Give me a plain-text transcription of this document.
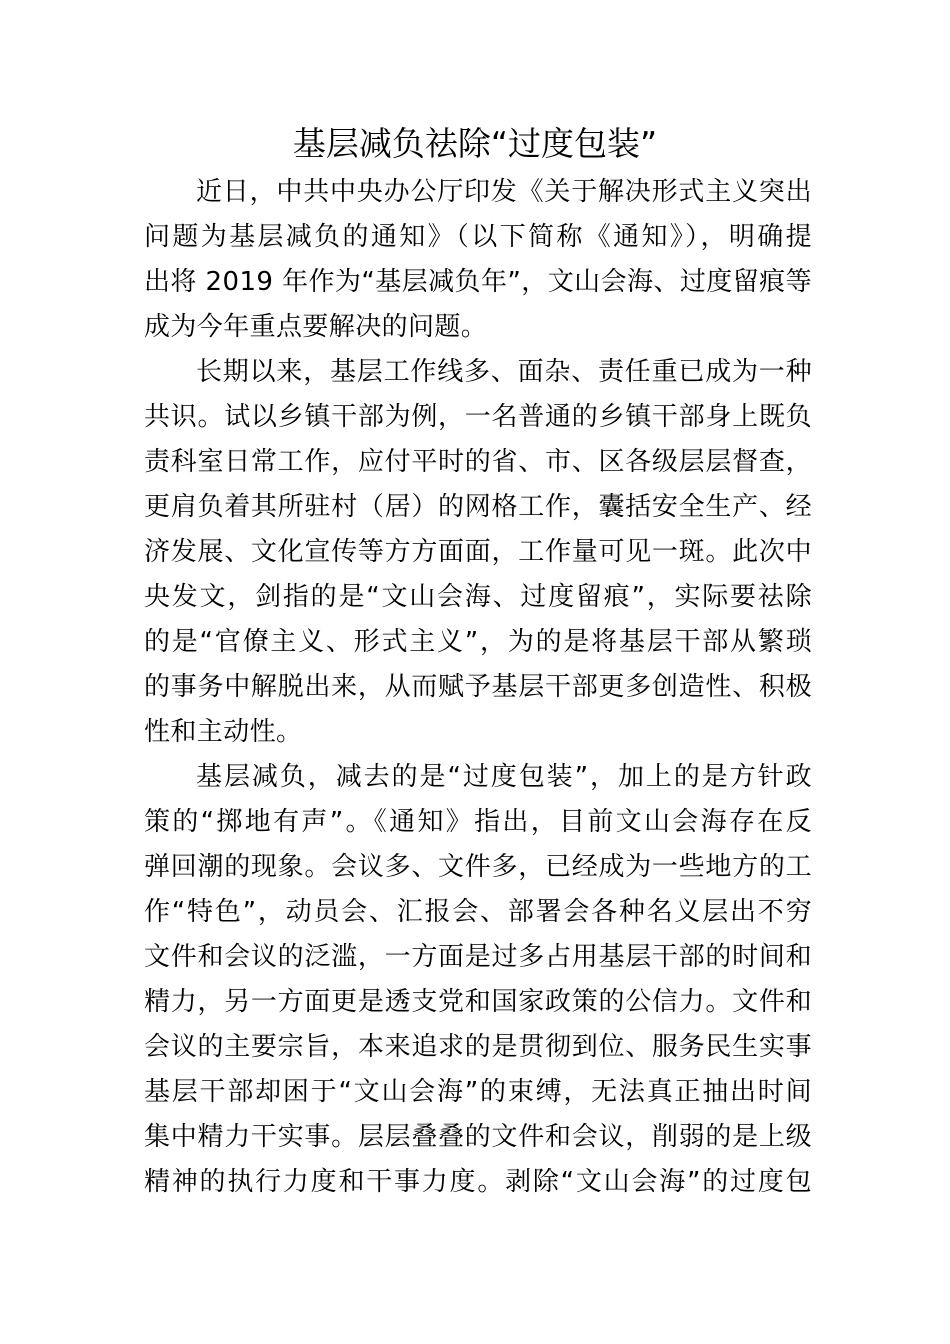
基层减负祛除“过度包装”
近日，中共中央办公厅印发《关于解决形式主义突出
问题为基层减负的通知》（以下简称《通知》），明确提
出将 2019 年作为“基层减负年”，文山会海、过度留痕等
成为今年重点要解决的问题。
长期以来，基层工作线多、面杂、责任重已成为一种
共识。试以乡镇干部为例，一名普通的乡镇干部身上既负
责科室日常工作，应付平时的省、市、区各级层层督查，
更肩负着其所驻村（居）的网格工作，囊括安全生产、经
济发展、文化宣传等方方面面，工作量可见一斑。此次中
央发文，剑指的是“文山会海、过度留痕”，实际要祛除
的是“官僚主义、形式主义”，为的是将基层干部从繁琐
的事务中解脱出来，从而赋予基层干部更多创造性、积极
性和主动性。
基层减负，减去的是“过度包装”，加上的是方针政
策的“掷地有声”。《通知》指出，目前文山会海存在反
弹回潮的现象。会议多、文件多，已经成为一些地方的工
作“特色”，动员会、汇报会、部署会各种名义层出不穷
文件和会议的泛滥，一方面是过多占用基层干部的时间和
精力，另一方面更是透支党和国家政策的公信力。文件和
会议的主要宗旨，本来追求的是贯彻到位、服务民生实事
基层干部却困于“文山会海”的束缚，无法真正抽出时间
集中精力干实事。层层叠叠的文件和会议，削弱的是上级
精神的执行力度和干事力度。剥除“文山会海”的过度包
